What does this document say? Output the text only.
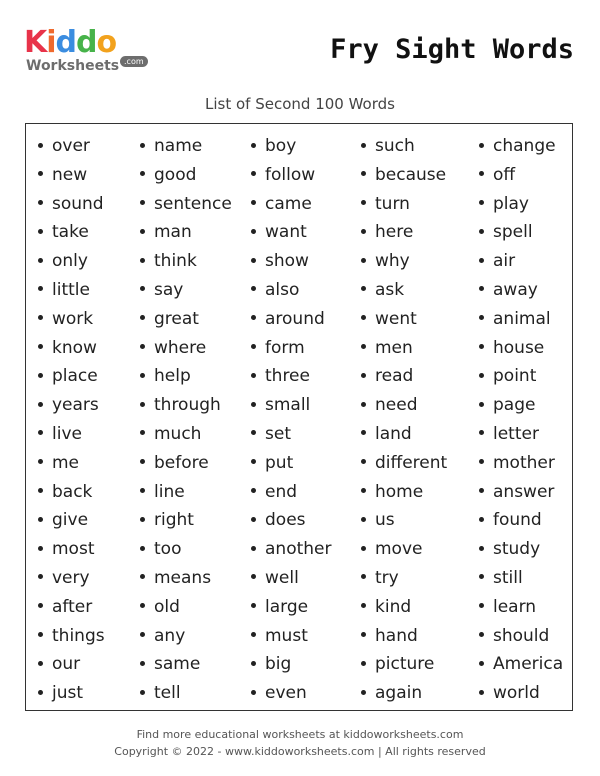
Kiddo
Worksheets .com	Fry Sight Words
List of Second 100 Words
over
new
sound
take
only
little
work
know
place
years
live
me
back
give
most
very
after
things
our
just
name
good
sentence
man
think
say
great
where
help
through
much
before
line
right
too
means
old
any
same
tell
boy
follow
came
want
show
also
around
form
three
small
set
put
end
does
another
well
large
must
big
even
such
because
turn
here
why
ask
went
men
read
need
land
different
home
us
move
try
kind
hand
picture
again
change
off
play
spell
air
away
animal
house
point
page
letter
mother
answer
found
study
still
learn
should
America
world
Find more educational worksheets at kiddoworksheets.com
Copyright © 2022 - www.kiddoworksheets.com | All rights reserved
